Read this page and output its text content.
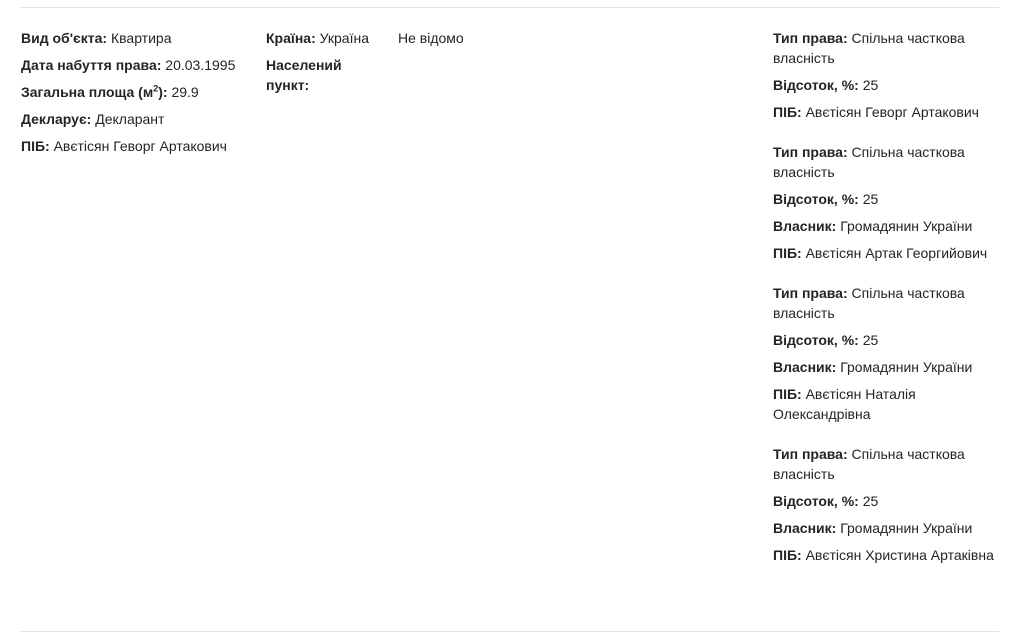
Вид об'єкта: Квартира
Дата набуття права: 20.03.1995
Загальна площа $(м^2)$: 29.9
Декларує: Декларант
ПІБ: Авєтісян Геворг Артакович
Країна: Україна
Населений пункт:
Не відомо	Тип права: Спільна часткова власність
Відсоток, %: 25
ПІБ: Авєтісян Геворг Артакович
Тип права: Спільна часткова власність
Відсоток, %: 25
Власник: Громадянин України
ПІБ: Авєтісян Артак Георгийович
Тип права: Спільна часткова власність
Відсоток, %: 25
Власник: Громадянин України
ПІБ: Авєтісян Наталія Олександрівна
Тип права: Спільна часткова власність
Відсоток, %: 25
Власник: Громадянин України
ПІБ: Авєтісян Христина Артаківна
